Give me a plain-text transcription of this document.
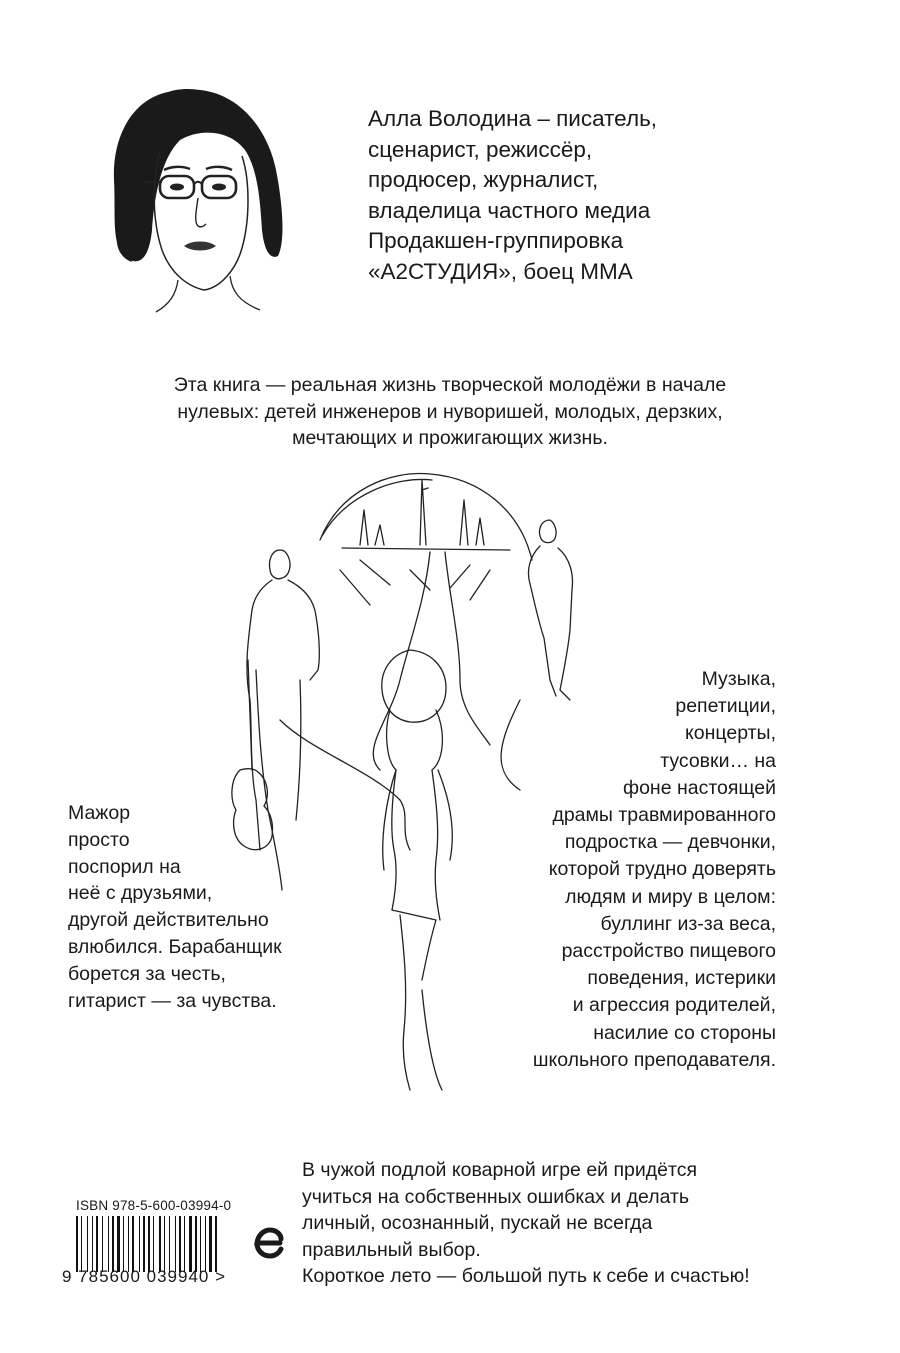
Алла Володина – писатель,
сценарист, режиссёр,
продюсер, журналист,
владелица частного медиа
Продакшен-группировка
«А2СТУДИЯ», боец ММА
Эта книга — реальная жизнь творческой молодёжи в начале
нулевых: детей инженеров и нуворишей, молодых, дерзких,
мечтающих и прожигающих жизнь.
Мажор
просто
поспорил на
неё с друзьями,
другой действительно
влюбился. Барабанщик
борется за честь,
гитарист — за чувства.
Музыка,
репетиции,
концерты,
тусовки… на
фоне настоящей
драмы травмированного
подростка — девчонки,
которой трудно доверять
людям и миру в целом:
буллинг из-за веса,
расстройство пищевого
поведения, истерики
и агрессия родителей,
насилие со стороны
школьного преподавателя.
ISBN 978-5-600-03994-0
9 785600 039940 >
В чужой подлой коварной игре ей придётся
учиться на собственных ошибках и делать
личный, осознанный, пускай не всегда
правильный выбор.
Короткое лето — большой путь к себе и счастью!
